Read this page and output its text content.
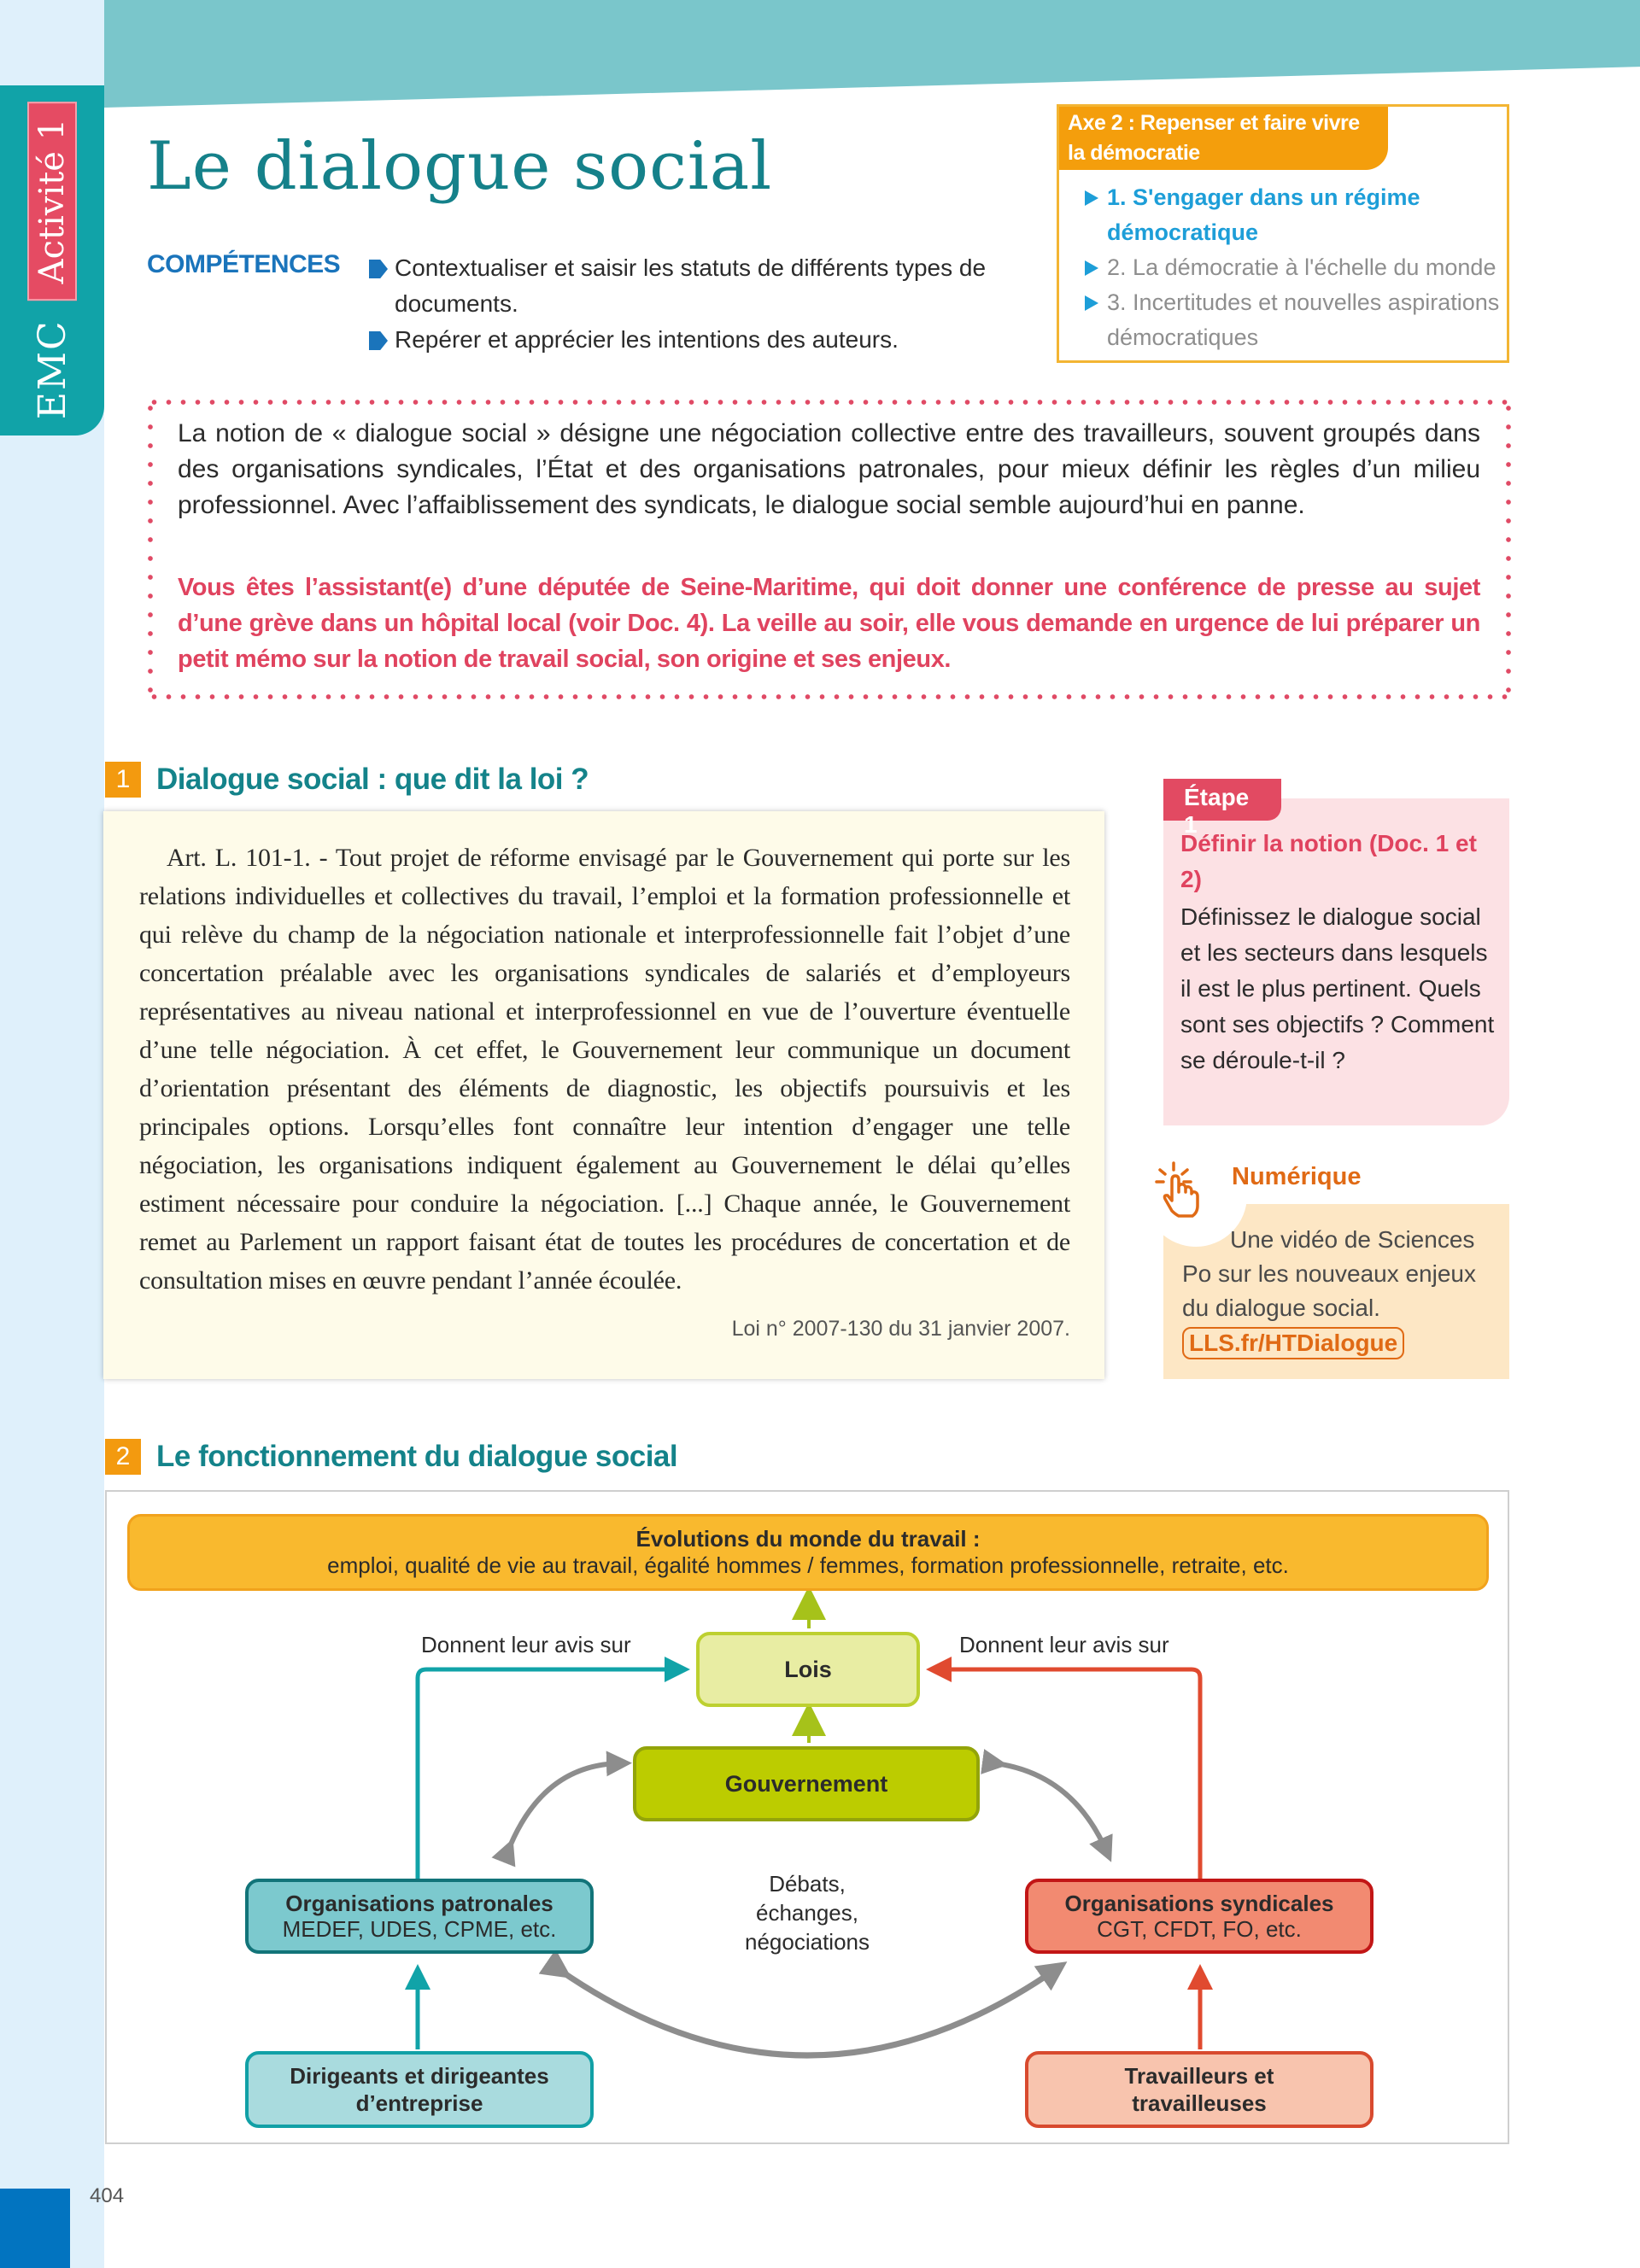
EMC
Activité 1 Le dialogue social
COMPÉTENCES	Contextualiser et saisir les statuts de différents types de documents.
Repérer et apprécier les intentions des auteurs.
Axe 2 : Repenser et faire vivre la démocratie
1. S'engager dans un régime démocratique
2. La démocratie à l'échelle du monde
3. Incertitudes et nouvelles aspirations démocratiques

La notion de « dialogue social » désigne une négociation collective entre des travailleurs, souvent groupés dans des organisations syndicales, l’État et des organisations patronales, pour mieux définir les règles d’un milieu professionnel. Avec l’affaiblissement des syndicats, le dialogue social semble aujourd’hui en panne.

Vous êtes l’assistant(e) d’une députée de Seine-Maritime, qui doit donner une conférence de presse au sujet d’une grève dans un hôpital local (voir Doc. 4). La veille au soir, elle vous demande en urgence de lui préparer un petit mémo sur la notion de travail social, son origine et ses enjeux.

1 Dialogue social : que dit la loi ?

Art. L. 101-1. - Tout projet de réforme envisagé par le Gouvernement qui porte sur les relations individuelles et collectives du travail, l’emploi et la formation professionnelle et qui relève du champ de la négociation nationale et interprofessionnelle fait l’objet d’une concertation préalable avec les organisations syndicales de salariés et d’employeurs représentatives au niveau national et interprofessionnel en vue de l’ouverture éventuelle d’une telle négociation. À cet effet, le Gouvernement leur communique un document d’orientation présentant des éléments de diagnostic, les objectifs poursuivis et les principales options. Lorsqu’elles font connaître leur intention d’engager une telle négociation, les organisations indiquent également au Gouvernement le délai qu’elles estiment nécessaire pour conduire la négociation. [...] Chaque année, le Gouvernement remet au Parlement un rapport faisant état de toutes les procédures de concertation et de consultation mises en œuvre pendant l’année écoulée.

Loi n° 2007-130 du 31 janvier 2007.
Définir la notion (Doc. 1 et 2)
Définissez le dialogue social et les secteurs dans lesquels il est le plus pertinent. Quels sont ses objectifs ? Comment se déroule-t-il ?
Étape 1
Numérique
Une vidéo de Sciences Po sur les nouveaux enjeux du dialogue social.
LLS.fr/HTDialogue
2 Le fonctionnement du dialogue social
Évolutions du monde du travail :
emploi, qualité de vie au travail, égalité hommes / femmes, formation professionnelle, retraite, etc.
Lois
Gouvernement
Donnent leur avis sur	Donnent leur avis sur
Organisations patronales
MEDEF, UDES, CPME, etc.
Organisations syndicales
CGT, CFDT, FO, etc.
Débats,
échanges,
négociations
Dirigeants et dirigeantes
d’entreprise
Travailleurs et
travailleuses
404
